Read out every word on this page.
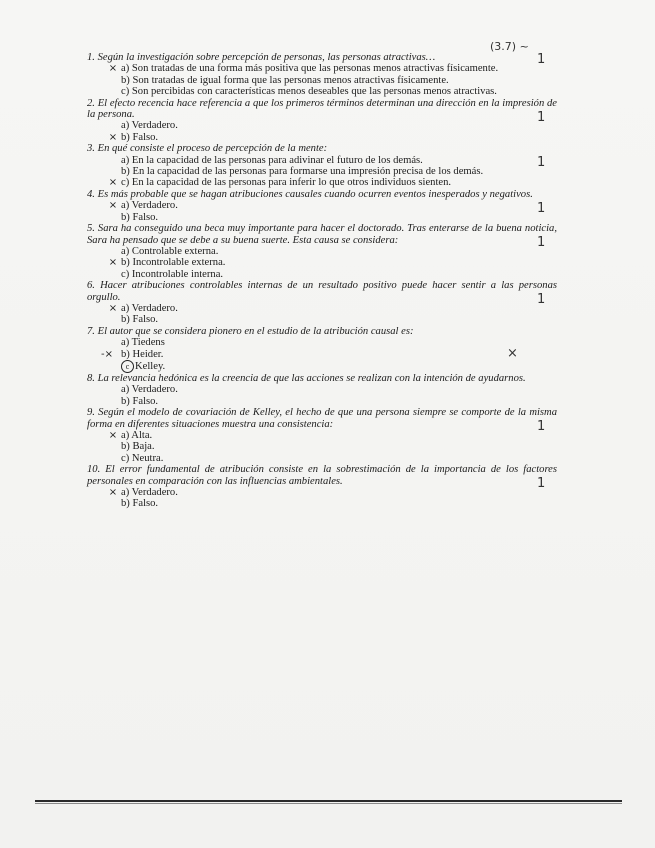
(3.7) ~
1. Según la investigación sobre percepción de personas, las personas atractivas…	1
× a) Son tratadas de una forma más positiva que las personas menos atractivas físicamente.
b) Son tratadas de igual forma que las personas menos atractivas físicamente.
c) Son percibidas con características menos deseables que las personas menos atractivas.
2. El efecto recencia hace referencia a que los primeros términos determinan una dirección en la impresión de la persona.	1
a) Verdadero.
× b) Falso.
3. En qué consiste el proceso de percepción de la mente:
1
a) En la capacidad de las personas para adivinar el futuro de los demás.
b) En la capacidad de las personas para formarse una impresión precisa de los demás.
× c) En la capacidad de las personas para inferir lo que otros individuos sienten.
4. Es más probable que se hagan atribuciones causales cuando ocurren eventos inesperados y negativos.
1
× a) Verdadero.
b) Falso.
5. Sara ha conseguido una beca muy importante para hacer el doctorado. Tras enterarse de la buena noticia, Sara ha pensado que se debe a su buena suerte. Esta causa se considera:	1
a) Controlable externa.
× b) Incontrolable externa.
c) Incontrolable interna.
6. Hacer atribuciones controlables internas de un resultado positivo puede hacer sentir a las personas orgullo.	1
× a) Verdadero.
b) Falso.
7. El autor que se considera pionero en el estudio de la atribución causal es:
×
a) Tiedens
-× b) Heider.
c Kelley.
8. La relevancia hedónica es la creencia de que las acciones se realizan con la intención de ayudarnos.
a) Verdadero.
b) Falso.
9. Según el modelo de covariación de Kelley, el hecho de que una persona siempre se comporte de la misma forma en diferentes situaciones muestra una consistencia:	1
× a) Alta.
b) Baja.
c) Neutra.
10. El error fundamental de atribución consiste en la sobrestimación de la importancia de los factores personales en comparación con las influencias ambientales.	1
× a) Verdadero.
b) Falso.
